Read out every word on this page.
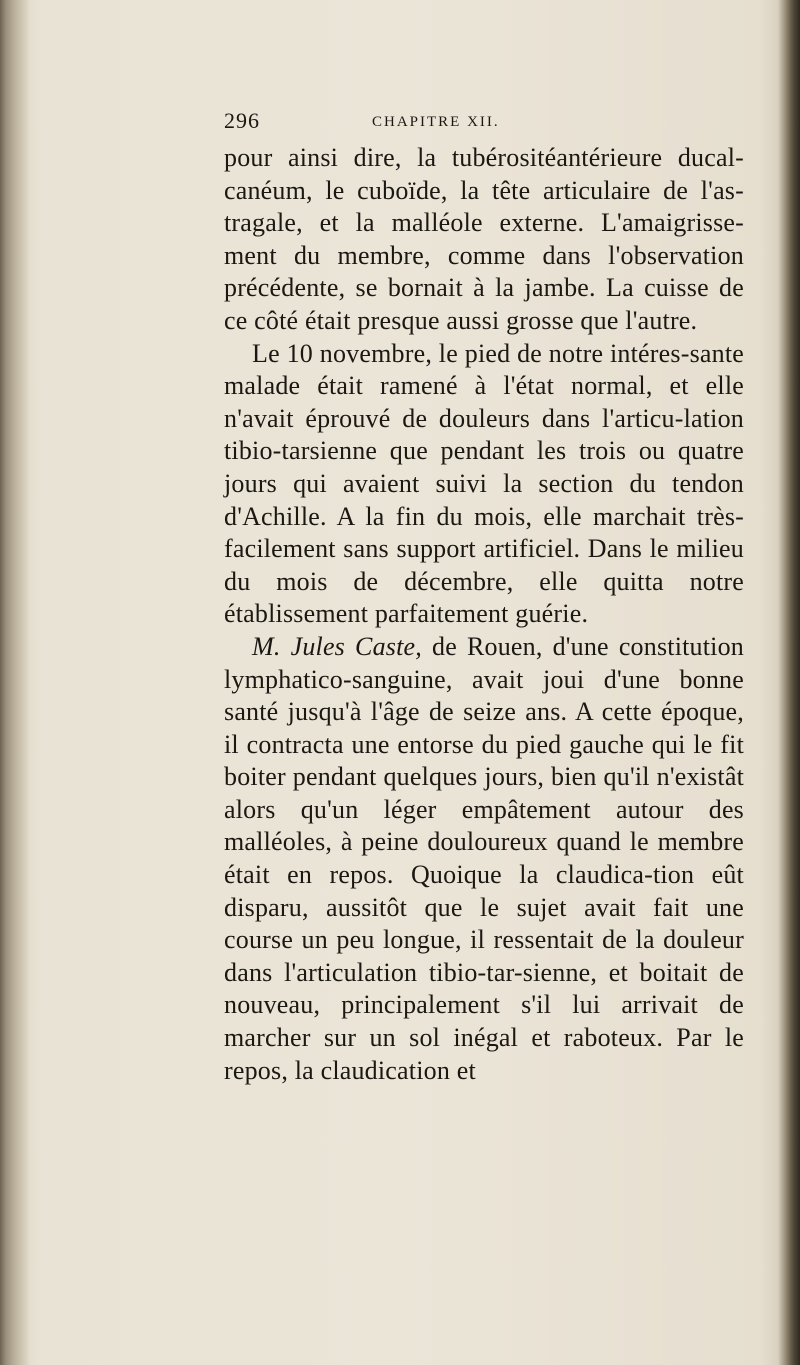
296	CHAPITRE XII.

pour ainsi dire, la tubérositéantérieure ducal-canéum, le cuboïde, la tête articulaire de l'as-tragale, et la malléole externe. L'amaigrisse-ment du membre, comme dans l'observation précédente, se bornait à la jambe. La cuisse de ce côté était presque aussi grosse que l'autre.

Le 10 novembre, le pied de notre intéres-sante malade était ramené à l'état normal, et elle n'avait éprouvé de douleurs dans l'articu-lation tibio-tarsienne que pendant les trois ou quatre jours qui avaient suivi la section du tendon d'Achille. A la fin du mois, elle marchait très-facilement sans support artificiel. Dans le milieu du mois de décembre, elle quitta notre établissement parfaitement guérie.

M. Jules Caste, de Rouen, d'une constitution lymphatico-sanguine, avait joui d'une bonne santé jusqu'à l'âge de seize ans. A cette époque, il contracta une entorse du pied gauche qui le fit boiter pendant quelques jours, bien qu'il n'existât alors qu'un léger empâtement autour des malléoles, à peine douloureux quand le membre était en repos. Quoique la claudica-tion eût disparu, aussitôt que le sujet avait fait une course un peu longue, il ressentait de la douleur dans l'articulation tibio-tar-sienne, et boitait de nouveau, principalement s'il lui arrivait de marcher sur un sol inégal et raboteux. Par le repos, la claudication et
